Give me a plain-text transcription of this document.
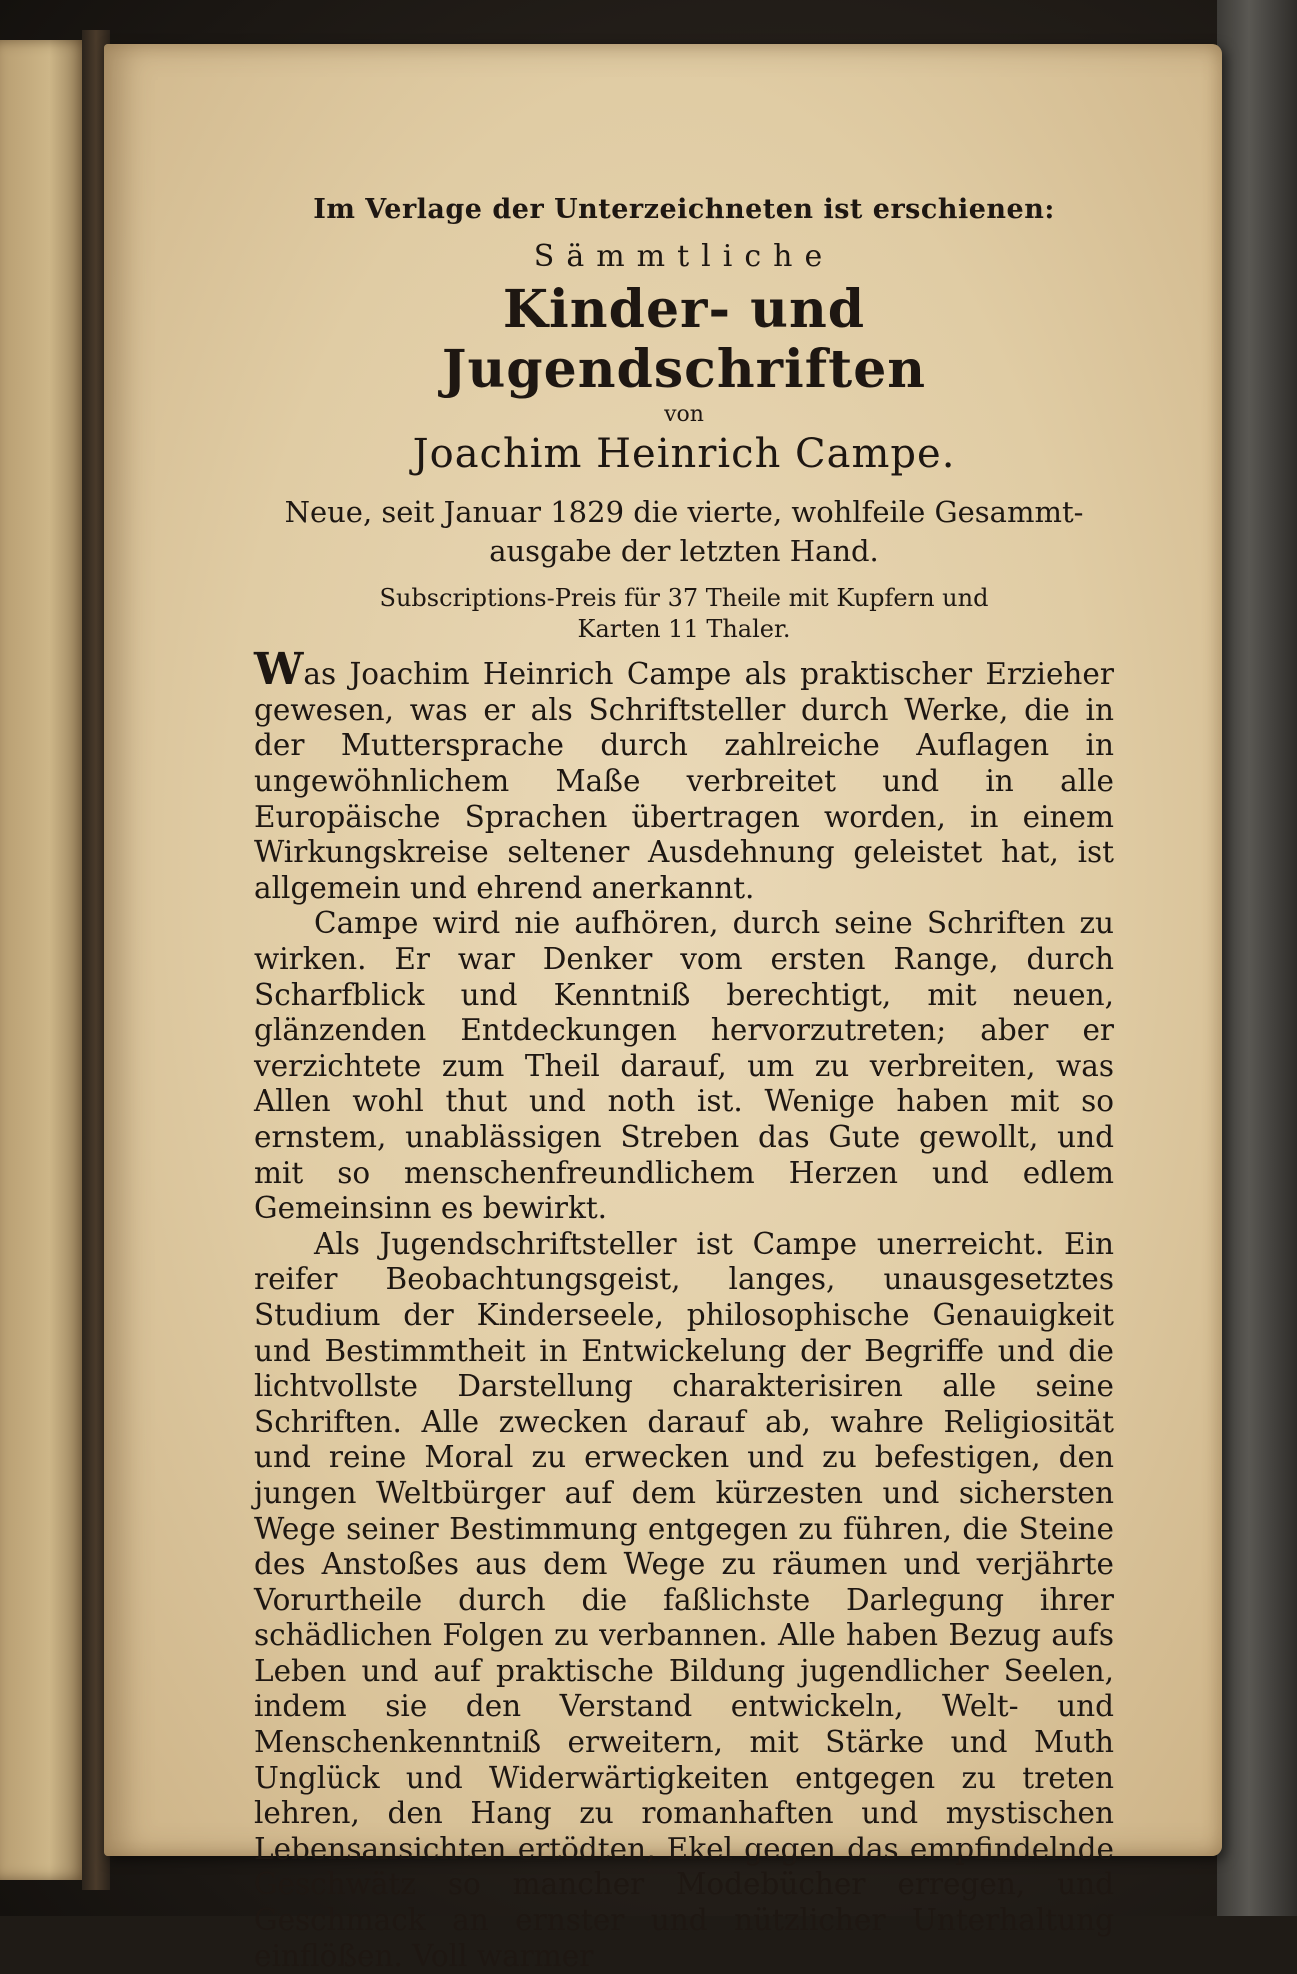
Im Verlage der Unterzeichneten ist erschienen:
Sämmtliche
Kinder- und Jugendschriften
von
Joachim Heinrich Campe.
Neue, seit Januar 1829 die vierte, wohlfeile Gesammt-
ausgabe der letzten Hand.
Subscriptions-Preis für 37 Theile mit Kupfern und
Karten 11 Thaler.

Was Joachim Heinrich Campe als praktischer Erzieher gewesen, was er als Schriftsteller durch Werke, die in der Muttersprache durch zahlreiche Auflagen in ungewöhnlichem Maße verbreitet und in alle Europäische Sprachen übertragen worden, in einem Wirkungskreise seltener Ausdehnung geleistet hat, ist allgemein und ehrend anerkannt.

Campe wird nie aufhören, durch seine Schriften zu wirken. Er war Denker vom ersten Range, durch Scharfblick und Kenntniß berechtigt, mit neuen, glänzenden Entdeckungen hervorzutreten; aber er verzichtete zum Theil darauf, um zu verbreiten, was Allen wohl thut und noth ist. Wenige haben mit so ernstem, unablässigen Streben das Gute gewollt, und mit so menschenfreundlichem Herzen und edlem Gemeinsinn es bewirkt.

Als Jugendschriftsteller ist Campe unerreicht. Ein reifer Beobachtungsgeist, langes, unausgesetztes Studium der Kinderseele, philosophische Genauigkeit und Bestimmtheit in Entwickelung der Begriffe und die lichtvollste Darstellung charakterisiren alle seine Schriften. Alle zwecken darauf ab, wahre Religiosität und reine Moral zu erwecken und zu befestigen, den jungen Weltbürger auf dem kürzesten und sichersten Wege seiner Bestimmung entgegen zu führen, die Steine des Anstoßes aus dem Wege zu räumen und verjährte Vorurtheile durch die faßlichste Darlegung ihrer schädlichen Folgen zu verbannen. Alle haben Bezug aufs Leben und auf praktische Bildung jugendlicher Seelen, indem sie den Verstand entwickeln, Welt- und Menschenkenntniß erweitern, mit Stärke und Muth Unglück und Widerwärtigkeiten entgegen zu treten lehren, den Hang zu romanhaften und mystischen Lebensansichten ertödten, Ekel gegen das empfindelnde Geschwätz so mancher Modebücher erregen, und Geschmack an ernster und nützlicher Unterhaltung einflößen. Voll warmer
